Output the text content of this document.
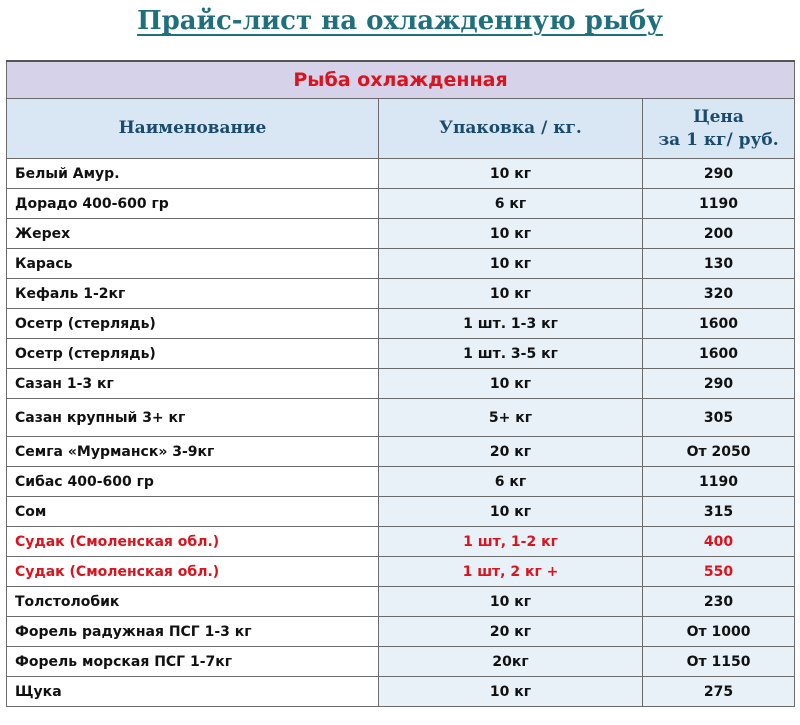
Прайс-лист на охлажденную рыбу
Рыба охлажденная		
Наименование	Упаковка / кг.	Цена
за 1 кг/ руб.

Белый Амур.	10 кг	290
Дорадо 400-600 гр	6 кг	1190
Жерех	10 кг	200
Карась	10 кг	130
Кефаль 1-2кг	10 кг	320
Осетр (стерлядь)	1 шт. 1-3 кг	1600
Осетр (стерлядь)	1 шт. 3-5 кг	1600
Сазан 1-3 кг	10 кг	290
Сазан крупный 3+ кг	5+ кг	305
Семга «Мурманск» 3-9кг	20 кг	От 2050
Сибас 400-600 гр	6 кг	1190
Сом	10 кг	315
Судак (Смоленская обл.)	1 шт, 1-2 кг	400
Судак (Смоленская обл.)	1 шт, 2 кг +	550
Толстолобик	10 кг	230
Форель радужная ПСГ 1-3 кг	20 кг	От 1000
Форель морская ПСГ 1-7кг	20кг	От 1150
Щука	10 кг	275
